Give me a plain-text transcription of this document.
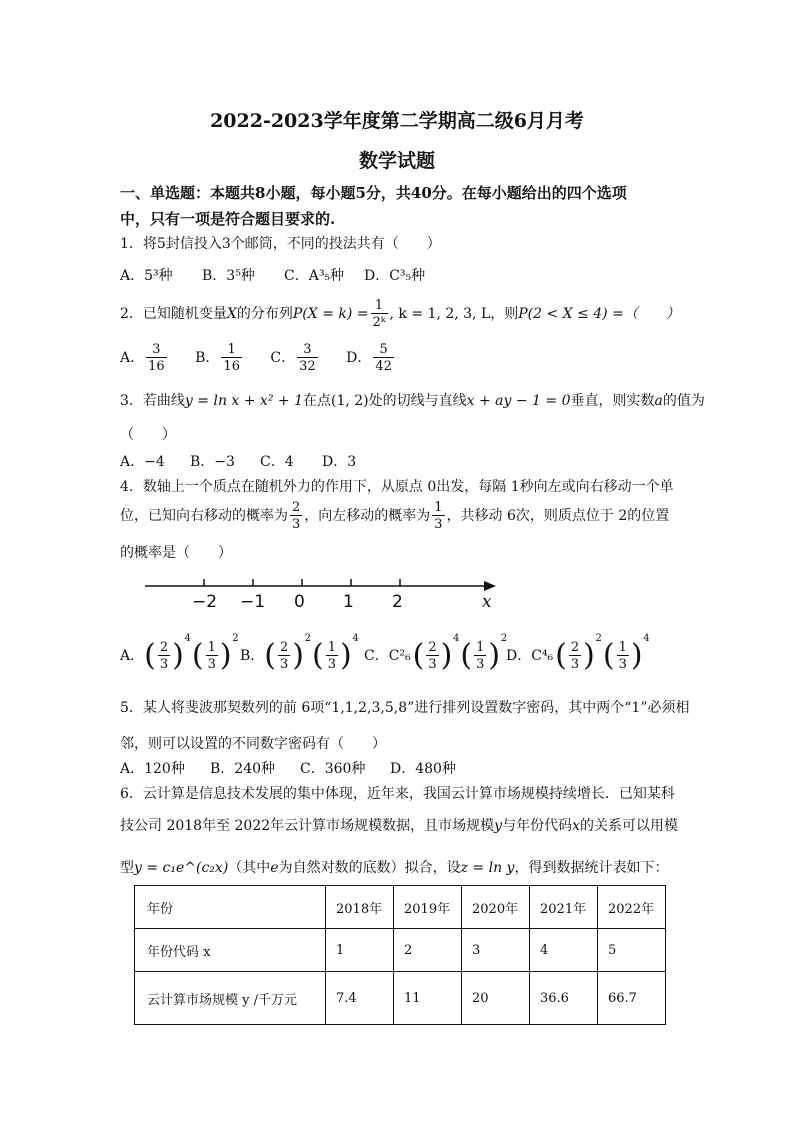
2022-2023学年度第二学期高二级6月月考
数学试题
一、单选题：本题共8小题，每小题5分，共40分。在每小题给出的四个选项
中，只有一项是符合题目要求的.
1．将5封信投入3个邮筒，不同的投法共有（　　）
A．5³种 B．3⁵种 C．A³₅种 D．C³₅种
2．已知随机变量X的分布列$P(X = k) = \frac{1}{\text{2ᵏ}}$ , k = 1, 2, 3, L，则P(2 < X ≤ 4) =（　　）
A． $\frac{3}{16}$ B． $\frac{1}{16}$ C． $\frac{3}{32}$ D． $\frac{5}{42}$
3．若曲线y = ln x + x² + 1在点(1, 2)处的切线与直线x + ay − 1 = 0垂直，则实数a的值为
（　　）
A．−4 B．−3 C．4 D．3
4．数轴上一个质点在随机外力的作用下，从原点 0出发，每隔 1秒向左或向右移动一个单
位，已知向右移动的概率为 $\frac{2}{3}$ ，向左移动的概率为 $\frac{1}{3}$ ，共移动 6次，则质点位于 2的位置
的概率是（　　）
−2 −1 0 1 2	x
A．( $\frac{2}{3}$ ) 4 ( $\frac{1}{3}$ ) 2
B．( $\frac{2}{3}$ ) 2 ( $\frac{1}{3}$ ) 4
C．$C^2_6( \frac{2}{3}$ ) 4 ( $\frac{1}{3}$ ) 2
D．$C^4_6( \frac{2}{3}$ ) 2 ( $\frac{1}{3}$ ) 4
5．某人将斐波那契数列的前 6项“1,1,2,3,5,8”进行排列设置数字密码，其中两个“1”必须相
邻，则可以设置的不同数字密码有（　　）
A．120种 B．240种 C．360种 D．480种
6．云计算是信息技术发展的集中体现，近年来，我国云计算市场规模持续增长．已知某科
技公司 2018年至 2022年云计算市场规模数据，且市场规模y与年份代码x的关系可以用模
型y = c₁e^(c₂x)（其中e为自然对数的底数）拟合，设z = ln y，得到数据统计表如下：
年份	2018年	2019年	2020年	2021年	2022年
年份代码 x	1	2	3	4	5
云计算市场规模 y /千万元	7.4	11	20	36.6	66.7
